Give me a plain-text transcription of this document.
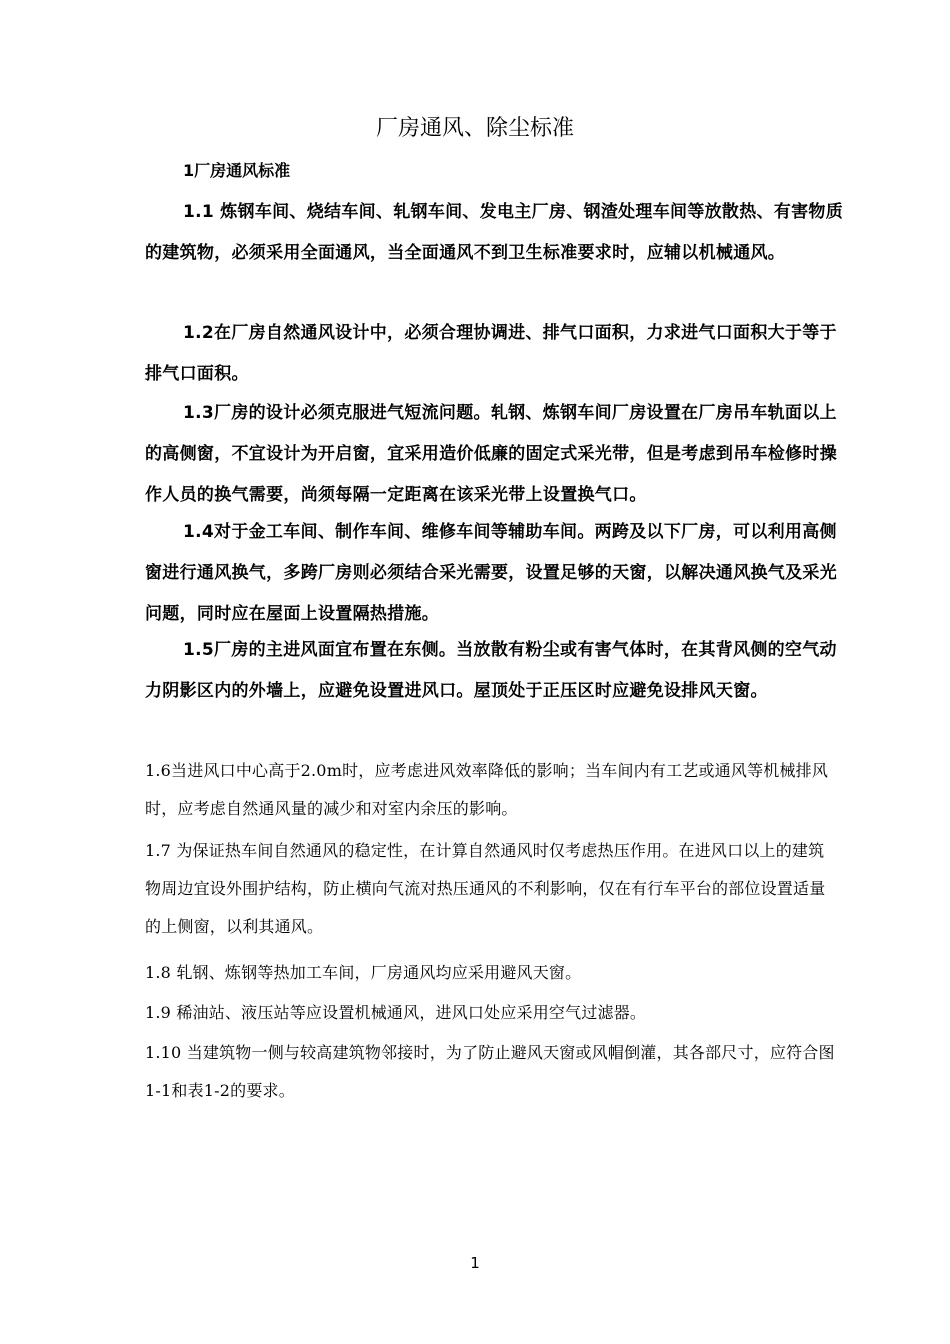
厂房通风、除尘标准
1厂房通风标准

1.1 炼钢车间、烧结车间、轧钢车间、发电主厂房、钢渣处理车间等放散热、有害物质的建筑物，必须采用全面通风，当全面通风不到卫生标准要求时，应辅以机械通风。

1.2在厂房自然通风设计中，必须合理协调进、排气口面积，力求进气口面积大于等于排气口面积。

1.3厂房的设计必须克服进气短流问题。轧钢、炼钢车间厂房设置在厂房吊车轨面以上的高侧窗，不宜设计为开启窗，宜采用造价低廉的固定式采光带，但是考虑到吊车检修时操作人员的换气需要，尚须每隔一定距离在该采光带上设置换气口。

1.4对于金工车间、制作车间、维修车间等辅助车间。两跨及以下厂房，可以利用高侧窗进行通风换气，多跨厂房则必须结合采光需要，设置足够的天窗，以解决通风换气及采光问题，同时应在屋面上设置隔热措施。

1.5厂房的主进风面宜布置在东侧。当放散有粉尘或有害气体时，在其背风侧的空气动力阴影区内的外墙上，应避免设置进风口。屋顶处于正压区时应避免设排风天窗。

1.6当进风口中心高于2.0m时，应考虑进风效率降低的影响；当车间内有工艺或通风等机械排风时，应考虑自然通风量的减少和对室内余压的影响。

1.7 为保证热车间自然通风的稳定性，在计算自然通风时仅考虑热压作用。在进风口以上的建筑物周边宜设外围护结构，防止横向气流对热压通风的不利影响，仅在有行车平台的部位设置适量的上侧窗，以利其通风。

1.8 轧钢、炼钢等热加工车间，厂房通风均应采用避风天窗。

1.9 稀油站、液压站等应设置机械通风，进风口处应采用空气过滤器。

1.10 当建筑物一侧与较高建筑物邻接时，为了防止避风天窗或风帽倒灌，其各部尺寸，应符合图1-1和表1-2的要求。

1
